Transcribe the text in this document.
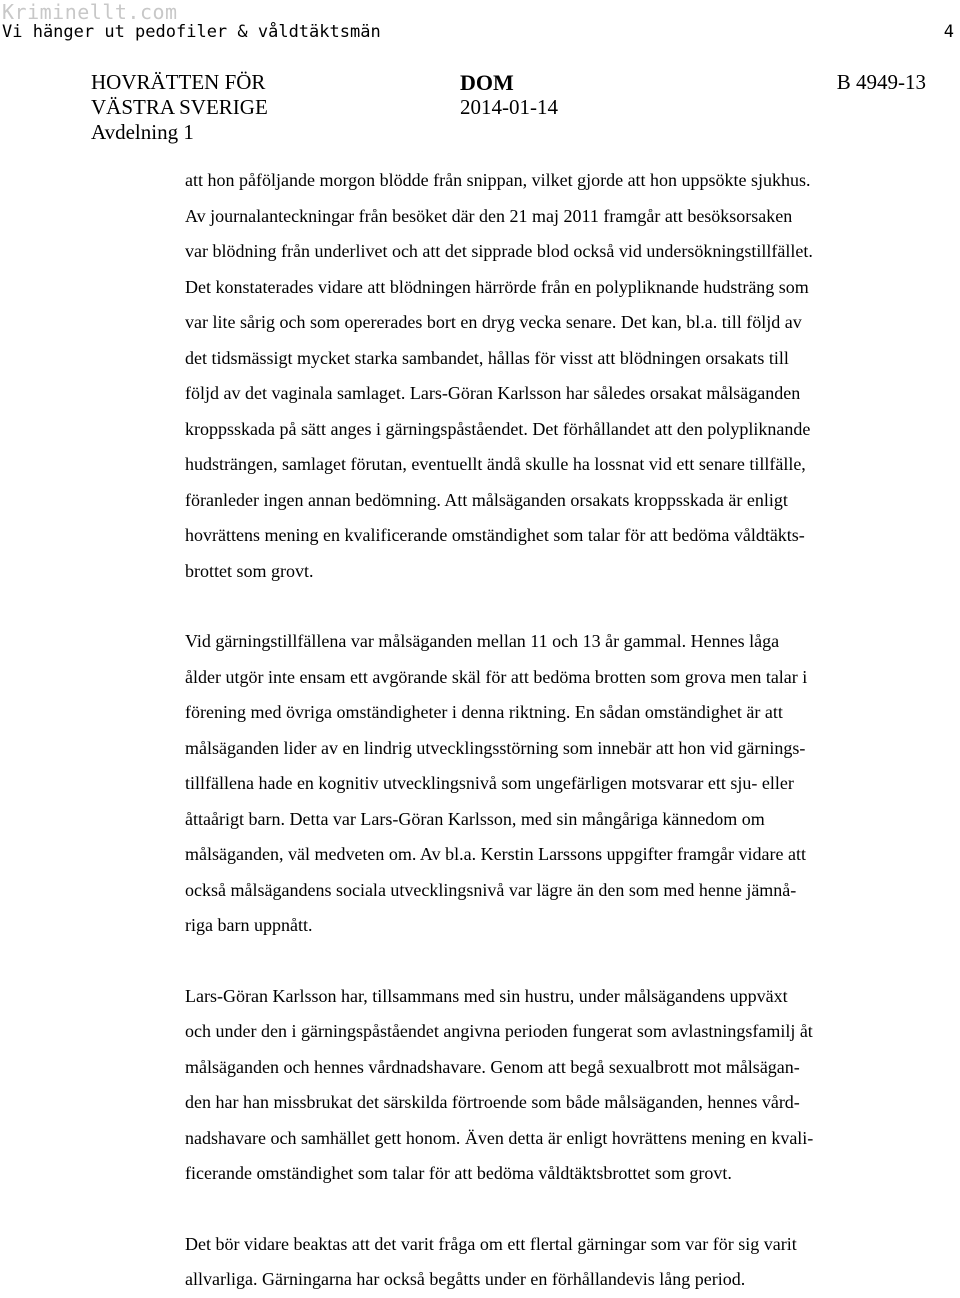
Kriminellt.com
Vi hänger ut pedofiler & våldtäktsmän	4
HOVRÄTTEN FÖR
VÄSTRA SVERIGE
Avdelning 1
DOM
2014-01-14
B 4949-13

att hon påföljande morgon blödde från snippan, vilket gjorde att hon uppsökte sjukhus.
Av journalanteckningar från besöket där den 21 maj 2011 framgår att besöksorsaken
var blödning från underlivet och att det sipprade blod också vid undersökningstillfället.
Det konstaterades vidare att blödningen härrörde från en polypliknande hudsträng som
var lite sårig och som opererades bort en dryg vecka senare. Det kan, bl.a. till följd av
det tidsmässigt mycket starka sambandet, hållas för visst att blödningen orsakats till
följd av det vaginala samlaget. Lars-Göran Karlsson har således orsakat målsäganden
kroppsskada på sätt anges i gärningspåståendet. Det förhållandet att den polypliknande
hudsträngen, samlaget förutan, eventuellt ändå skulle ha lossnat vid ett senare tillfälle,
föranleder ingen annan bedömning. Att målsäganden orsakats kroppsskada är enligt
hovrättens mening en kvalificerande omständighet som talar för att bedöma våldtäkts-
brottet som grovt.

Vid gärningstillfällena var målsäganden mellan 11 och 13 år gammal. Hennes låga
ålder utgör inte ensam ett avgörande skäl för att bedöma brotten som grova men talar i
förening med övriga omständigheter i denna riktning. En sådan omständighet är att
målsäganden lider av en lindrig utvecklingsstörning som innebär att hon vid gärnings-
tillfällena hade en kognitiv utvecklingsnivå som ungefärligen motsvarar ett sju- eller
åttaårigt barn. Detta var Lars-Göran Karlsson, med sin mångåriga kännedom om
målsäganden, väl medveten om. Av bl.a. Kerstin Larssons uppgifter framgår vidare att
också målsägandens sociala utvecklingsnivå var lägre än den som med henne jämnå-
riga barn uppnått.

Lars-Göran Karlsson har, tillsammans med sin hustru, under målsägandens uppväxt
och under den i gärningspåståendet angivna perioden fungerat som avlastningsfamilj åt
målsäganden och hennes vårdnadshavare. Genom att begå sexualbrott mot målsägan-
den har han missbrukat det särskilda förtroende som både målsäganden, hennes vård-
nadshavare och samhället gett honom. Även detta är enligt hovrättens mening en kvali-
ficerande omständighet som talar för att bedöma våldtäktsbrottet som grovt.

Det bör vidare beaktas att det varit fråga om ett flertal gärningar som var för sig varit
allvarliga. Gärningarna har också begåtts under en förhållandevis lång period.
